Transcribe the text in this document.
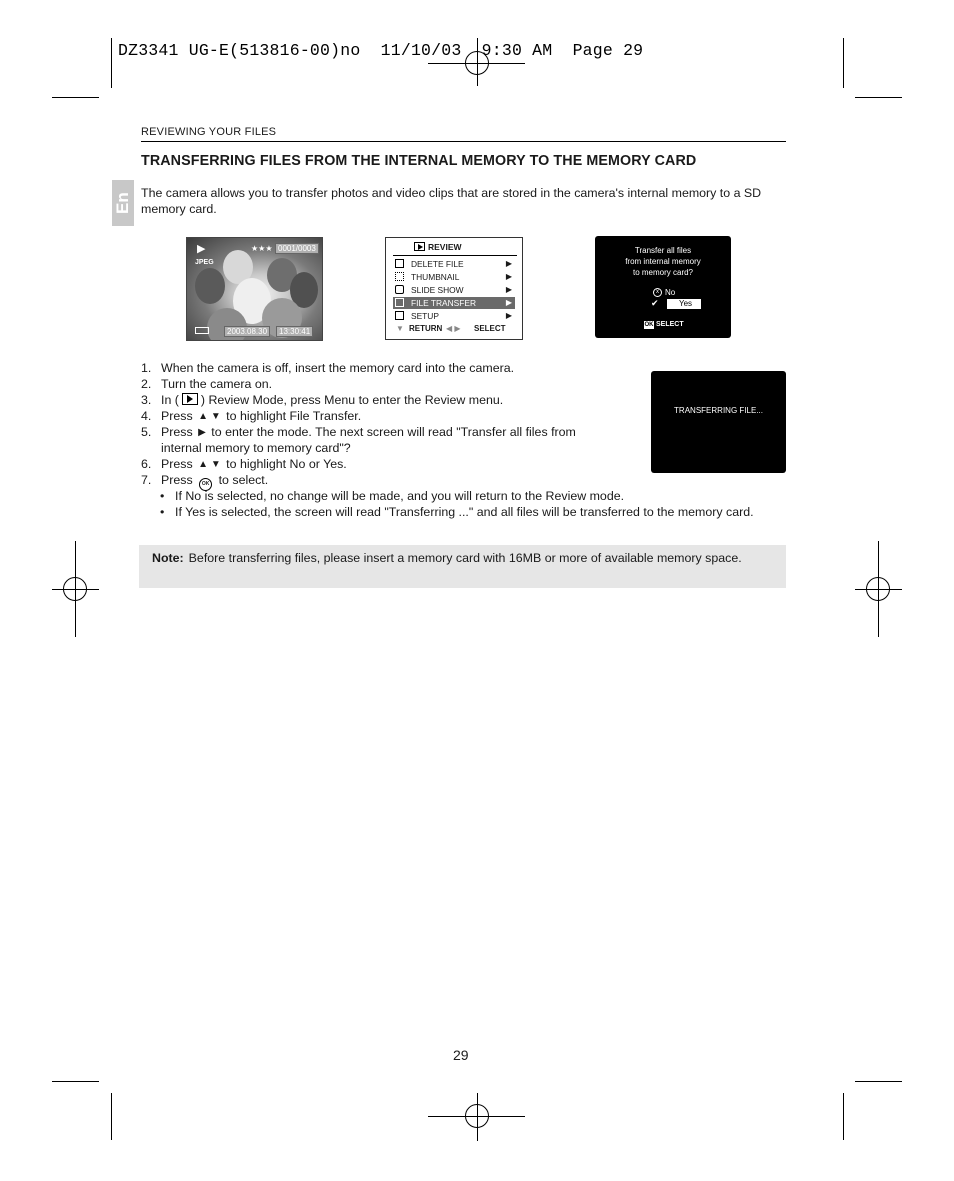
DZ3341 UG-E(513816-00)no  11/10/03  9:30 AM  Page 29
REVIEWING YOUR FILES
TRANSFERRING FILES FROM THE INTERNAL MEMORY TO THE MEMORY CARD
En The camera allows you to transfer photos and video clips that are stored in the camera's internal memory to a SD memory card.
▶
JPEG
★★★ 0001/0003
2003.08.30	13:30:41
REVIEW
DELETE FILE	▶
THUMBNAIL	▶
SLIDE SHOW	▶
FILE TRANSFER	▶
SETUP	▶
▼ RETURN ◀ ▶ SELECT
Transfer all files
from internal memory
to memory card?
x No
✔	Yes
OK SELECT
TRANSFERRING FILE...
1. When the camera is off, insert the memory card into the camera.
2. Turn the camera on.
3. In ( ) Review Mode, press Menu to enter the Review menu.
4. Press ▲ ▼ to highlight File Transfer.
5. Press ▶ to enter the mode. The next screen will read "Transfer all files from
internal memory to memory card"?
6. Press ▲ ▼ to highlight No or Yes.
7. Press OK to select.
• If No is selected, no change will be made, and you will return to the Review mode.
• If Yes is selected, the screen will read "Transferring ..." and all files will be transferred to the memory card.
Note: Before transferring files, please insert a memory card with 16MB or more of available memory space.
29
